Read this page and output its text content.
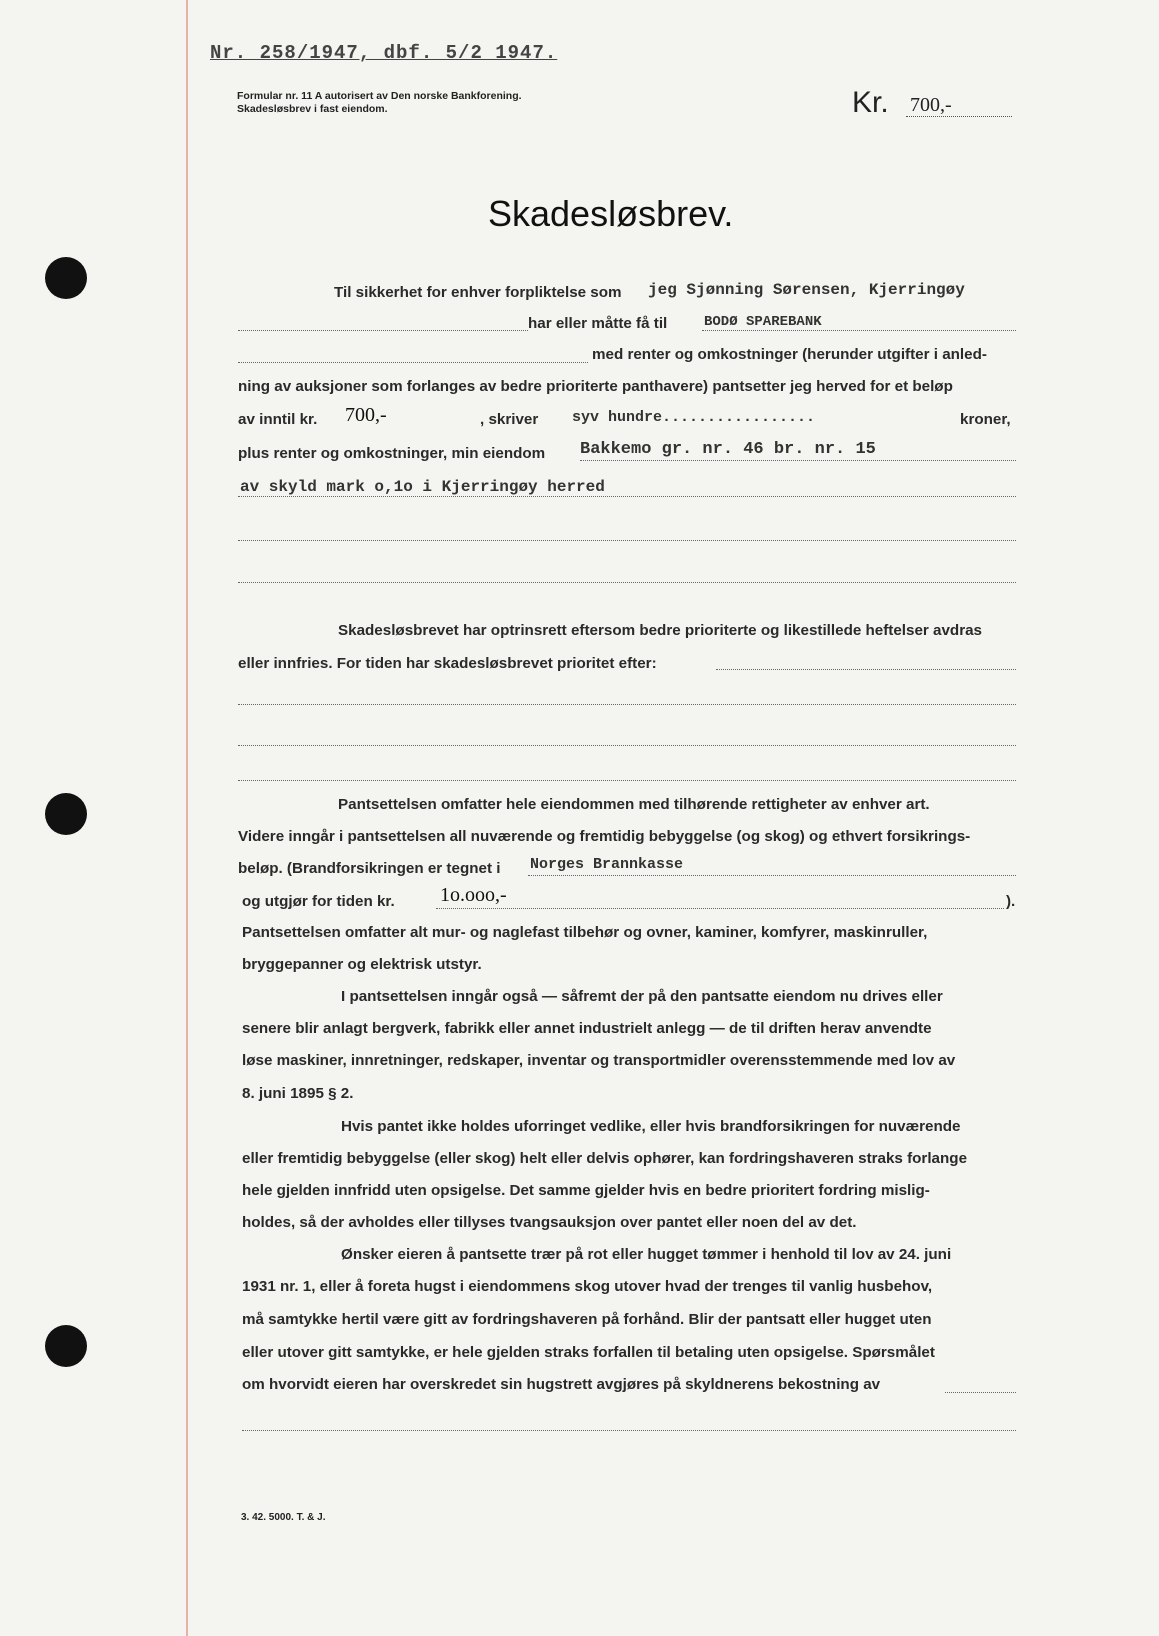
Nr. 258/1947, dbf. 5/2 1947.
Formular nr. 11 A autorisert av Den norske Bankforening.
Skadesløsbrev i fast eiendom.	Kr. 700,-
Skadesløsbrev.
Til sikkerhet for enhver forpliktelse som jeg Sjønning Sørensen, Kjerringøy
har eller måtte få til	BODØ SPAREBANK
med renter og omkostninger (herunder utgifter i anled-
ning av auksjoner som forlanges av bedre prioriterte panthavere) pantsetter jeg herved for et beløp
av inntil kr. 700,-	, skriver syv hundre.................	kroner,
plus renter og omkostninger, min eiendom Bakkemo gr. nr. 46 br. nr. 15
av skyld mark o,1o i Kjerringøy herred
Skadesløsbrevet har optrinsrett eftersom bedre prioriterte og likestillede heftelser avdras
eller innfries. For tiden har skadesløsbrevet prioritet efter:
Pantsettelsen omfatter hele eiendommen med tilhørende rettigheter av enhver art.
Videre inngår i pantsettelsen all nuværende og fremtidig bebyggelse (og skog) og ethvert forsikrings-
beløp. (Brandforsikringen er tegnet i Norges Brannkasse
og utgjør for tiden kr. 1o.ooo,-	).
Pantsettelsen omfatter alt mur- og naglefast tilbehør og ovner, kaminer, komfyrer, maskinruller,
bryggepanner og elektrisk utstyr.
I pantsettelsen inngår også — såfremt der på den pantsatte eiendom nu drives eller
senere blir anlagt bergverk, fabrikk eller annet industrielt anlegg — de til driften herav anvendte
løse maskiner, innretninger, redskaper, inventar og transportmidler overensstemmende med lov av
8. juni 1895 § 2.
Hvis pantet ikke holdes uforringet vedlike, eller hvis brandforsikringen for nuværende
eller fremtidig bebyggelse (eller skog) helt eller delvis ophører, kan fordringshaveren straks forlange
hele gjelden innfridd uten opsigelse. Det samme gjelder hvis en bedre prioritert fordring mislig-
holdes, så der avholdes eller tillyses tvangsauksjon over pantet eller noen del av det.
Ønsker eieren å pantsette trær på rot eller hugget tømmer i henhold til lov av 24. juni
1931 nr. 1, eller å foreta hugst i eiendommens skog utover hvad der trenges til vanlig husbehov,
må samtykke hertil være gitt av fordringshaveren på forhånd. Blir der pantsatt eller hugget uten
eller utover gitt samtykke, er hele gjelden straks forfallen til betaling uten opsigelse. Spørsmålet
om hvorvidt eieren har overskredet sin hugstrett avgjøres på skyldnerens bekostning av
3. 42. 5000. T. & J.
